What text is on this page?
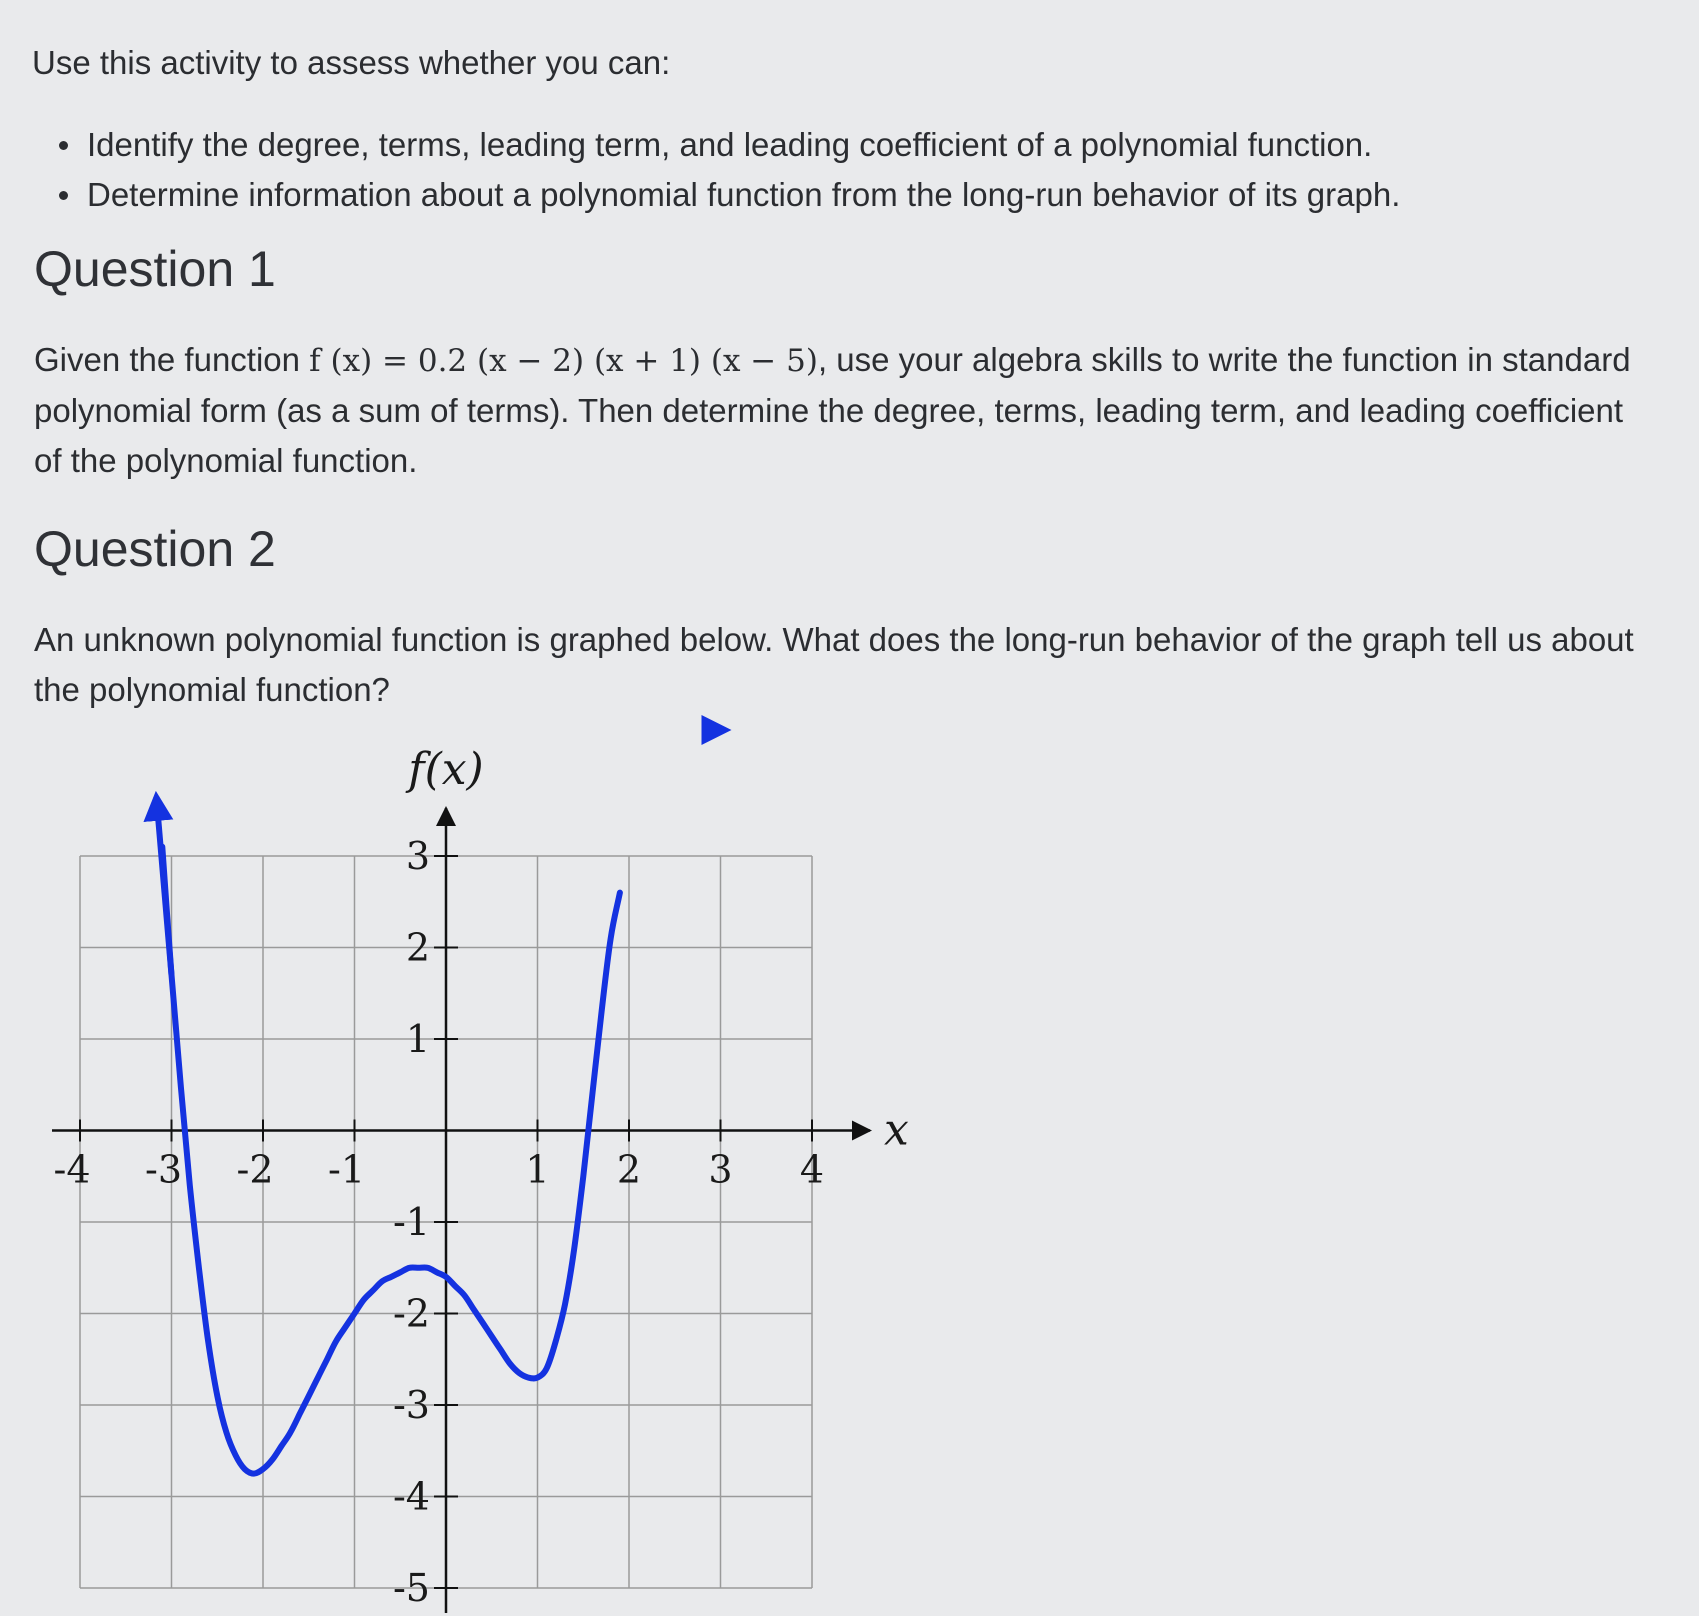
Use this activity to assess whether you can:

Identify the degree, terms, leading term, and leading coefficient of a polynomial function.
Determine information about a polynomial function from the long-run behavior of its graph.
Question 1

Given the function f (x) = 0.2 (x − 2) (x + 1) (x − 5), use your algebra skills to write the function in standard polynomial form (as a sum of terms). Then determine the degree, terms, leading term, and leading coefficient of the polynomial function.

Question 2

An unknown polynomial function is graphed below. What does the long-run behavior of the graph tell us about the polynomial function?

-4 -3 -2 -1	1 2 3 4
3
2
1
-1
-2
-3
-4
-5
f(x)
x
